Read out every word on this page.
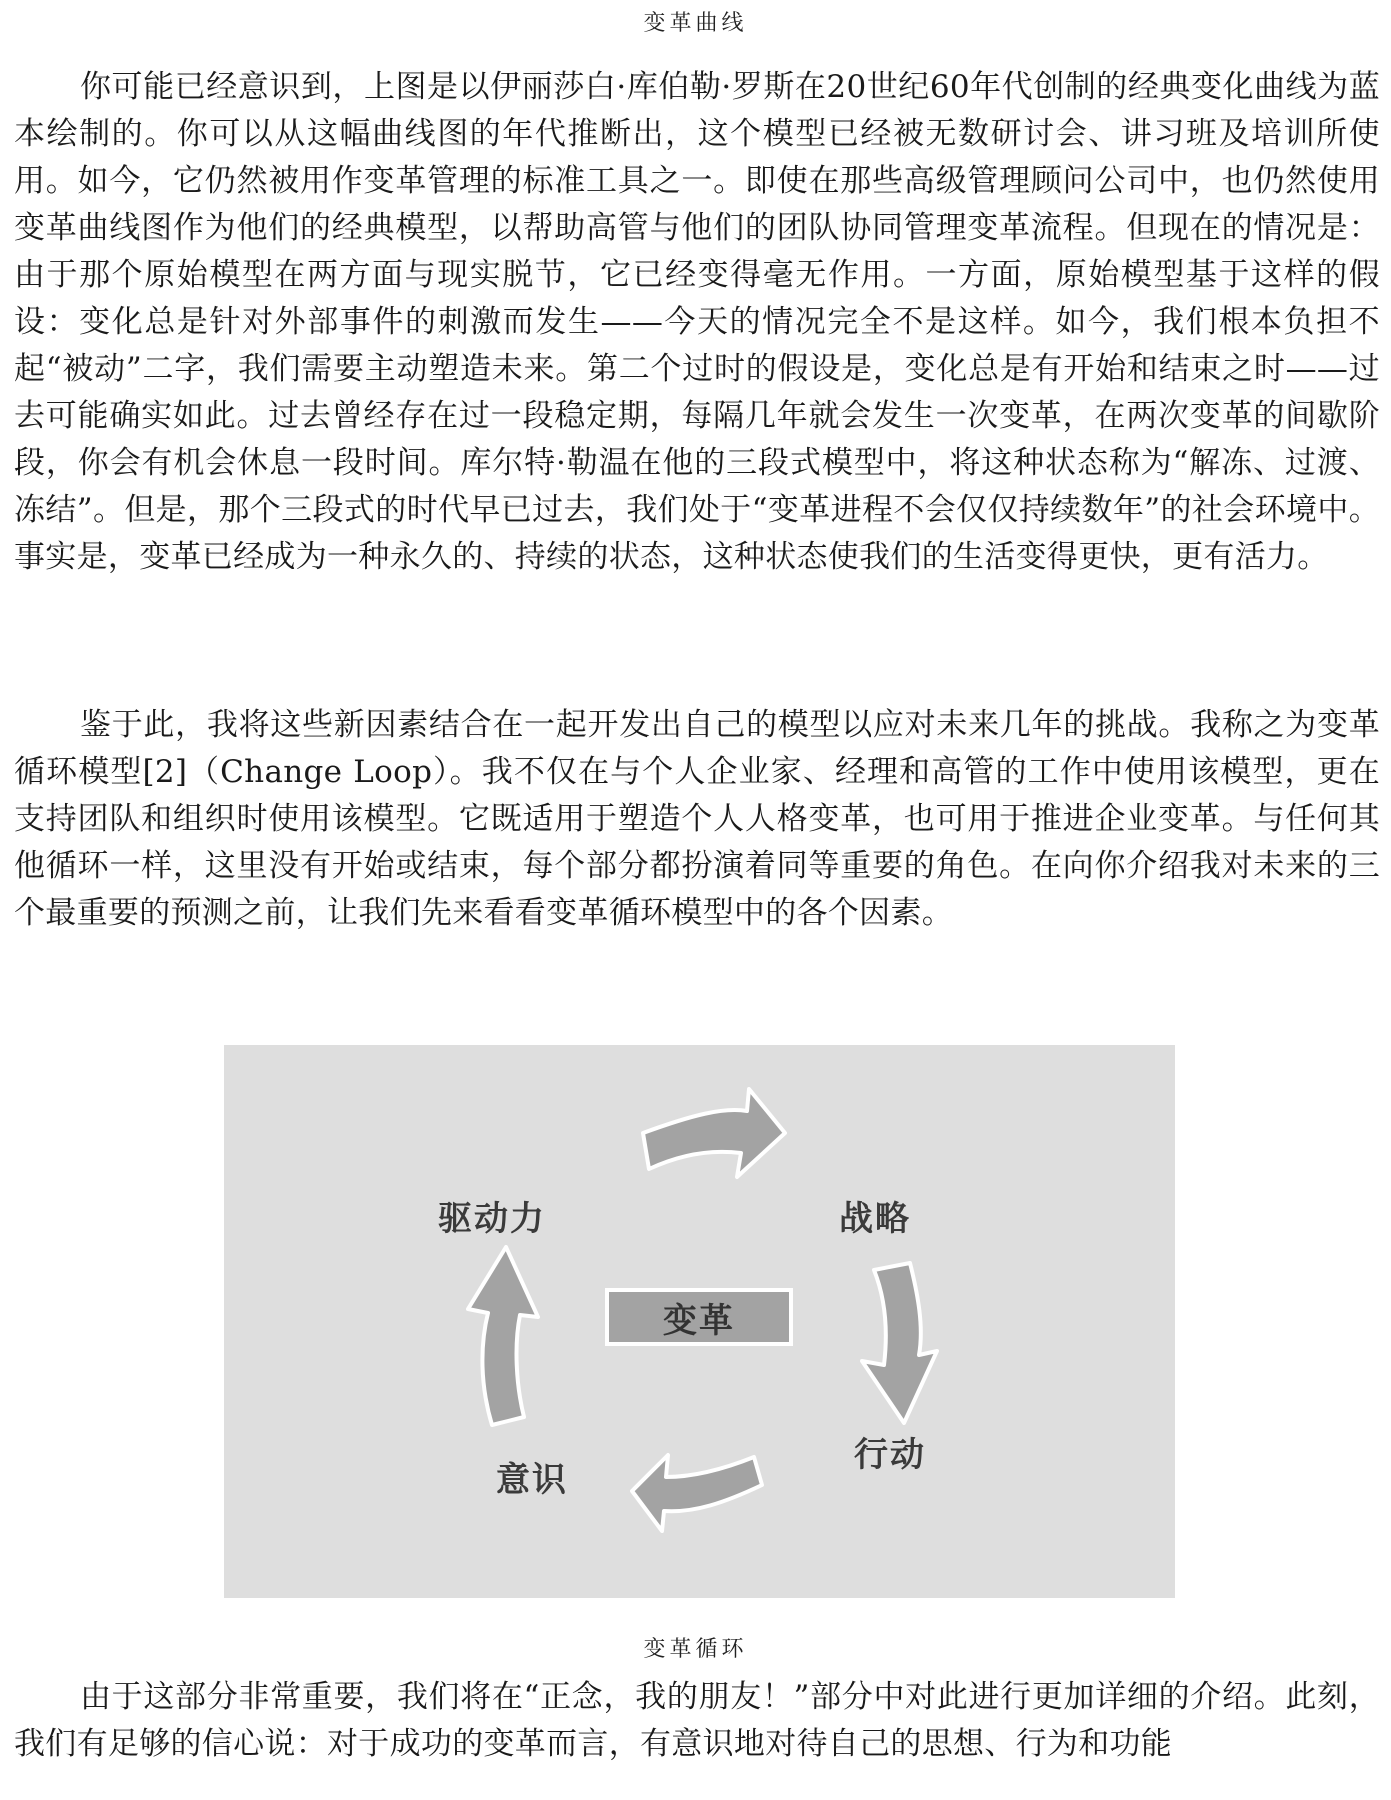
变革曲线

你可能已经意识到，上图是以伊丽莎白·库伯勒·罗斯在20世纪60年代创制的经典变化曲线为蓝本绘制的。你可以从这幅曲线图的年代推断出，这个模型已经被无数研讨会、讲习班及培训所使用。如今，它仍然被用作变革管理的标准工具之一。即使在那些高级管理顾问公司中，也仍然使用变革曲线图作为他们的经典模型，以帮助高管与他们的团队协同管理变革流程。但现在的情况是：由于那个原始模型在两方面与现实脱节，它已经变得毫无作用。一方面，原始模型基于这样的假设：变化总是针对外部事件的刺激而发生——今天的情况完全不是这样。如今，我们根本负担不起“被动”二字，我们需要主动塑造未来。第二个过时的假设是，变化总是有开始和结束之时——过去可能确实如此。过去曾经存在过一段稳定期，每隔几年就会发生一次变革，在两次变革的间歇阶段，你会有机会休息一段时间。库尔特·勒温在他的三段式模型中，将这种状态称为“解冻、过渡、冻结”。但是，那个三段式的时代早已过去，我们处于“变革进程不会仅仅持续数年”的社会环境中。事实是，变革已经成为一种永久的、持续的状态，这种状态使我们的生活变得更快，更有活力。

鉴于此，我将这些新因素结合在一起开发出自己的模型以应对未来几年的挑战。我称之为变革循环模型[2]（Change Loop）。我不仅在与个人企业家、经理和高管的工作中使用该模型，更在支持团队和组织时使用该模型。它既适用于塑造个人人格变革，也可用于推进企业变革。与任何其他循环一样，这里没有开始或结束，每个部分都扮演着同等重要的角色。在向你介绍我对未来的三个最重要的预测之前，让我们先来看看变革循环模型中的各个因素。

驱动力	战略
行动
意识
变革
变革循环

由于这部分非常重要，我们将在“正念，我的朋友！”部分中对此进行更加详细的介绍。此刻，我们有足够的信心说：对于成功的变革而言，有意识地对待自己的思想、行为和功能
